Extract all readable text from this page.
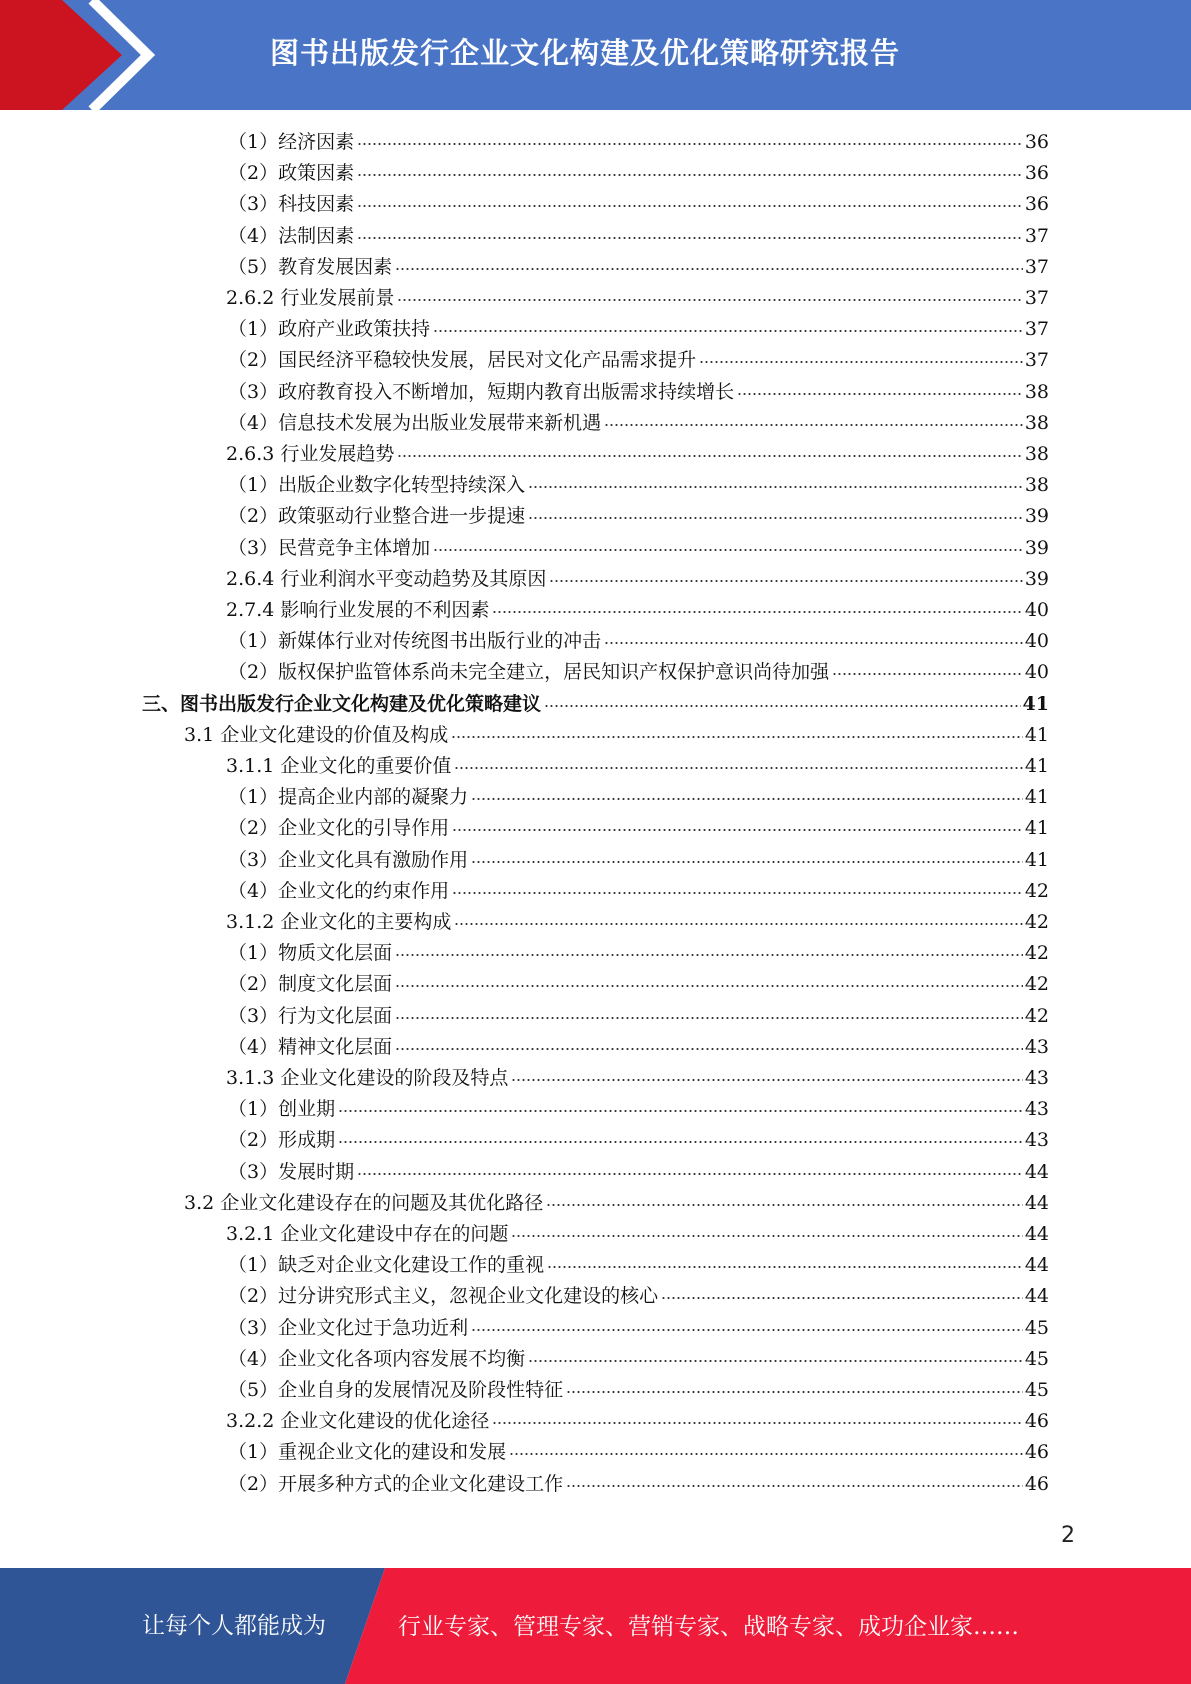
图书出版发行企业文化构建及优化策略研究报告
（1）经济因素	36
（2）政策因素	36
（3）科技因素	36
（4）法制因素	37
（5）教育发展因素	37
2.6.2 行业发展前景	37
（1）政府产业政策扶持	37
（2）国民经济平稳较快发展，居民对文化产品需求提升	37
（3）政府教育投入不断增加，短期内教育出版需求持续增长	38
（4）信息技术发展为出版业发展带来新机遇	38
2.6.3 行业发展趋势	38
（1）出版企业数字化转型持续深入	38
（2）政策驱动行业整合进一步提速	39
（3）民营竞争主体增加	39
2.6.4 行业利润水平变动趋势及其原因	39
2.7.4 影响行业发展的不利因素	40
（1）新媒体行业对传统图书出版行业的冲击	40
（2）版权保护监管体系尚未完全建立，居民知识产权保护意识尚待加强	40
三、图书出版发行企业文化构建及优化策略建议	41
3.1 企业文化建设的价值及构成	41
3.1.1 企业文化的重要价值	41
（1）提高企业内部的凝聚力	41
（2）企业文化的引导作用	41
（3）企业文化具有激励作用	41
（4）企业文化的约束作用	42
3.1.2 企业文化的主要构成	42
（1）物质文化层面	42
（2）制度文化层面	42
（3）行为文化层面	42
（4）精神文化层面	43
3.1.3 企业文化建设的阶段及特点	43
（1）创业期	43
（2）形成期	43
（3）发展时期	44
3.2 企业文化建设存在的问题及其优化路径	44
3.2.1 企业文化建设中存在的问题	44
（1）缺乏对企业文化建设工作的重视	44
（2）过分讲究形式主义，忽视企业文化建设的核心	44
（3）企业文化过于急功近利	45
（4）企业文化各项内容发展不均衡	45
（5）企业自身的发展情况及阶段性特征	45
3.2.2 企业文化建设的优化途径	46
（1）重视企业文化的建设和发展	46
（2）开展多种方式的企业文化建设工作	46
2
让每个人都能成为	行业专家、管理专家、营销专家、战略专家、成功企业家……
